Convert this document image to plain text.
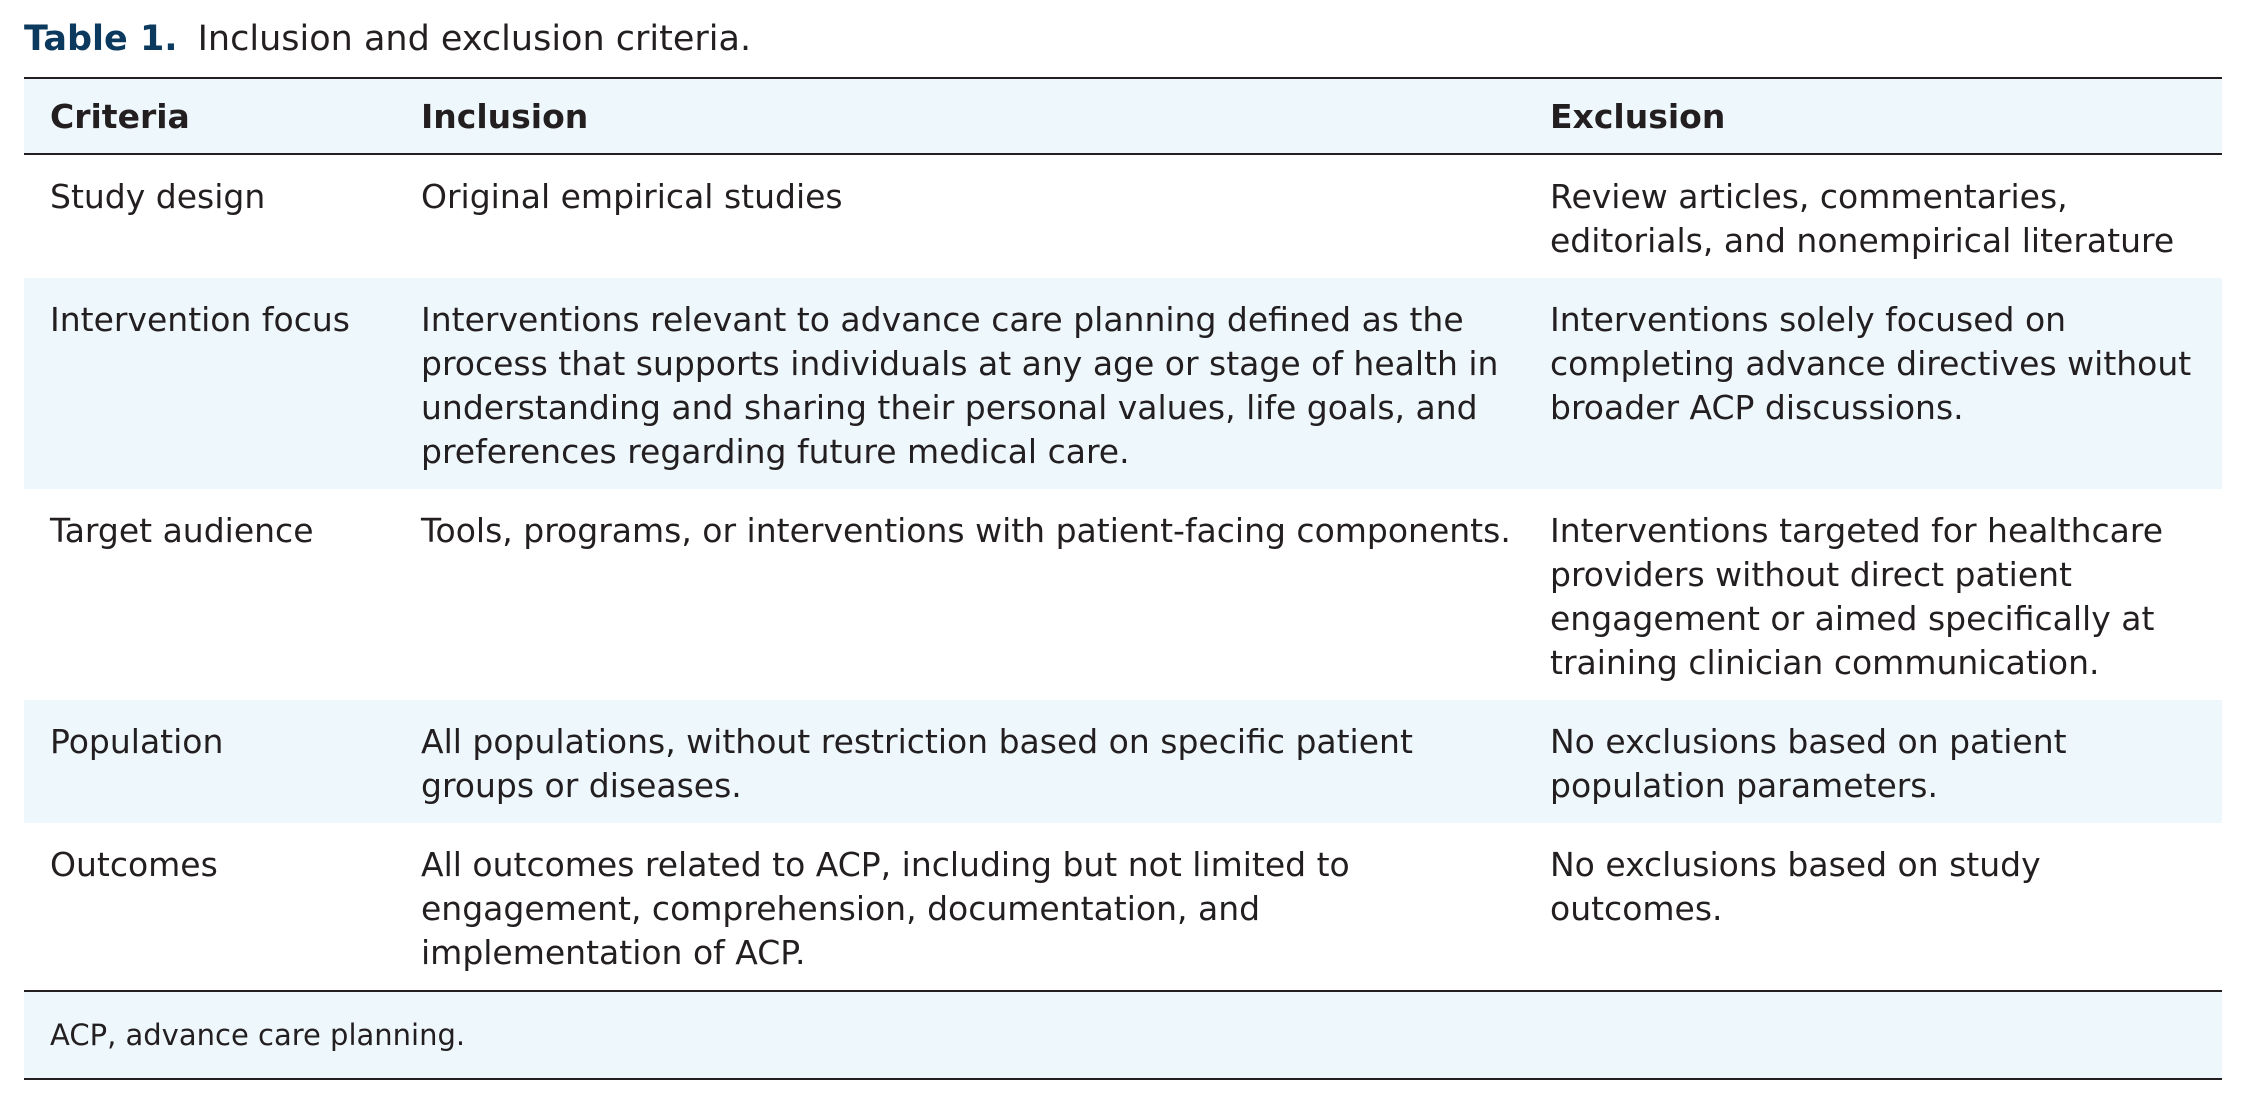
Table 1. Inclusion and exclusion criteria.
Criteria	Inclusion	Exclusion
Study design	Original empirical studies	Review articles, commentaries, editorials, and nonempirical literature
Intervention focus	Interventions relevant to advance care planning defined as the process that supports individuals at any age or stage of health in understanding and sharing their personal values, life goals, and preferences regarding future medical care.	Interventions solely focused on completing advance directives without broader ACP discussions.
Target audience	Tools, programs, or interventions with patient-facing components.	Interventions targeted for healthcare providers without direct patient engagement or aimed specifically at training clinician communication.
Population	All populations, without restriction based on specific patient groups or diseases.	No exclusions based on patient population parameters.
Outcomes	All outcomes related to ACP, including but not limited to engagement, comprehension, documentation, and implementation of ACP.	No exclusions based on study outcomes.
ACP, advance care planning.		
